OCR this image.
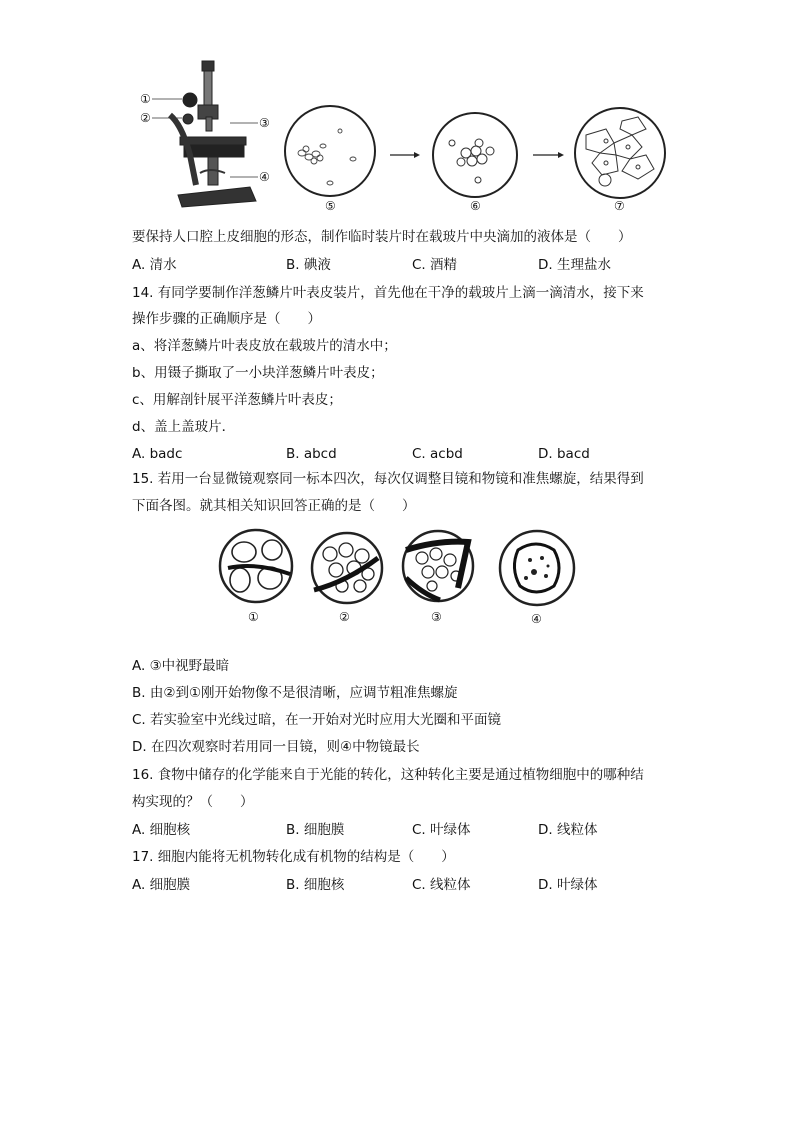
①
②	③
④
⑤	⑥	⑦
要保持人口腔上皮细胞的形态，制作临时装片时在载玻片中央滴加的液体是（　　）
A. 清水	B. 碘液	C. 酒精	D. 生理盐水
14. 有同学要制作洋葱鳞片叶表皮装片，首先他在干净的载玻片上滴一滴清水，接下来
操作步骤的正确顺序是（　　）
a、将洋葱鳞片叶表皮放在载玻片的清水中；
b、用镊子撕取了一小块洋葱鳞片叶表皮；
c、用解剖针展平洋葱鳞片叶表皮；
d、盖上盖玻片．
A. badc	B. abcd	C. acbd	D. bacd
15. 若用一台显微镜观察同一标本四次，每次仅调整目镜和物镜和准焦螺旋，结果得到
下面各图。就其相关知识回答正确的是（　　）
①	②	③	④
A. ③中视野最暗
B. 由②到①刚开始物像不是很清晰，应调节粗准焦螺旋
C. 若实验室中光线过暗，在一开始对光时应用大光圈和平面镜
D. 在四次观察时若用同一目镜，则④中物镜最长
16. 食物中储存的化学能来自于光能的转化，这种转化主要是通过植物细胞中的哪种结
构实现的？（　　）
A. 细胞核	B. 细胞膜	C. 叶绿体	D. 线粒体
17. 细胞内能将无机物转化成有机物的结构是（　　）
A. 细胞膜	B. 细胞核	C. 线粒体	D. 叶绿体
